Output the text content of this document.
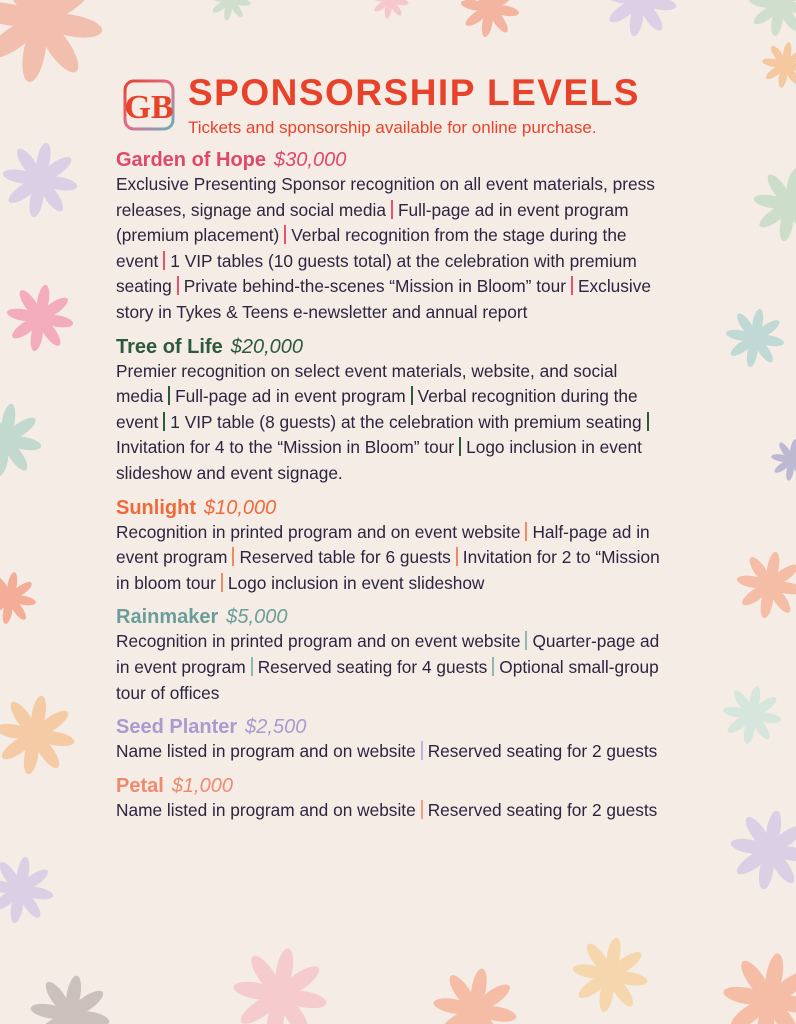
GB SPONSORSHIP LEVELS
Tickets and sponsorship available for online purchase.
Garden of Hope $30,000
Exclusive Presenting Sponsor recognition on all event materials, press releases, signage and social media Full-page ad in event program (premium placement) Verbal recognition from the stage during the event 1 VIP tables (10 guests total) at the celebration with premium seating Private behind-the-scenes “Mission in Bloom” tour Exclusive story in Tykes & Teens e-newsletter and annual report
Tree of Life $20,000
Premier recognition on select event materials, website, and social media Full-page ad in event program Verbal recognition during the event 1 VIP table (8 guests) at the celebration with premium seatingInvitation for 4 to the “Mission in Bloom” tour Logo inclusion in event slideshow and event signage.
Sunlight $10,000
Recognition in printed program and on event website Half-page ad in event program Reserved table for 6 guests Invitation for 2 to “Mission in bloom tour Logo inclusion in event slideshow
Rainmaker $5,000
Recognition in printed program and on event website Quarter-page ad in event program Reserved seating for 4 guests Optional small-group tour of offices
Seed Planter $2,500
Name listed in program and on website Reserved seating for 2 guests
Petal $1,000
Name listed in program and on website Reserved seating for 2 guests
